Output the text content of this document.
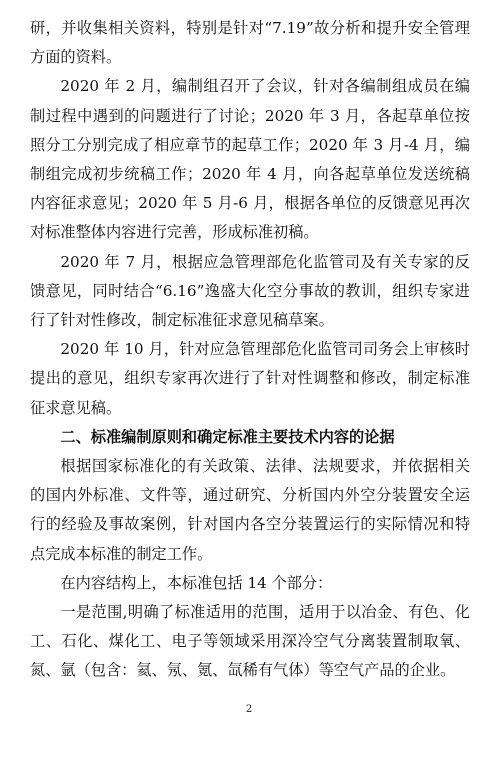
研，并收集相关资料，特别是针对“7.19”故分析和提升安全管理方面的资料。

2020 年 2 月，编制组召开了会议，针对各编制组成员在编制过程中遇到的问题进行了讨论；2020 年 3 月，各起草单位按照分工分别完成了相应章节的起草工作；2020 年 3 月-4 月，编制组完成初步统稿工作；2020 年 4 月，向各起草单位发送统稿内容征求意见；2020 年 5 月-6 月，根据各单位的反馈意见再次对标准整体内容进行完善，形成标准初稿。

2020 年 7 月，根据应急管理部危化监管司及有关专家的反馈意见，同时结合“6.16”逸盛大化空分事故的教训，组织专家进行了针对性修改，制定标准征求意见稿草案。

2020 年 10 月，针对应急管理部危化监管司司务会上审核时提出的意见，组织专家再次进行了针对性调整和修改，制定标准征求意见稿。

二、标准编制原则和确定标准主要技术内容的论据

根据国家标准化的有关政策、法律、法规要求，并依据相关的国内外标准、文件等，通过研究、分析国内外空分装置安全运行的经验及事故案例，针对国内各空分装置运行的实际情况和特点完成本标准的制定工作。

在内容结构上，本标准包括 14 个部分：

一是范围,明确了标准适用的范围，适用于以冶金、有色、化工、石化、煤化工、电子等领域采用深冷空气分离装置制取氧、氮、氩（包含：氦、氖、氪、氙稀有气体）等空气产品的企业。

2
